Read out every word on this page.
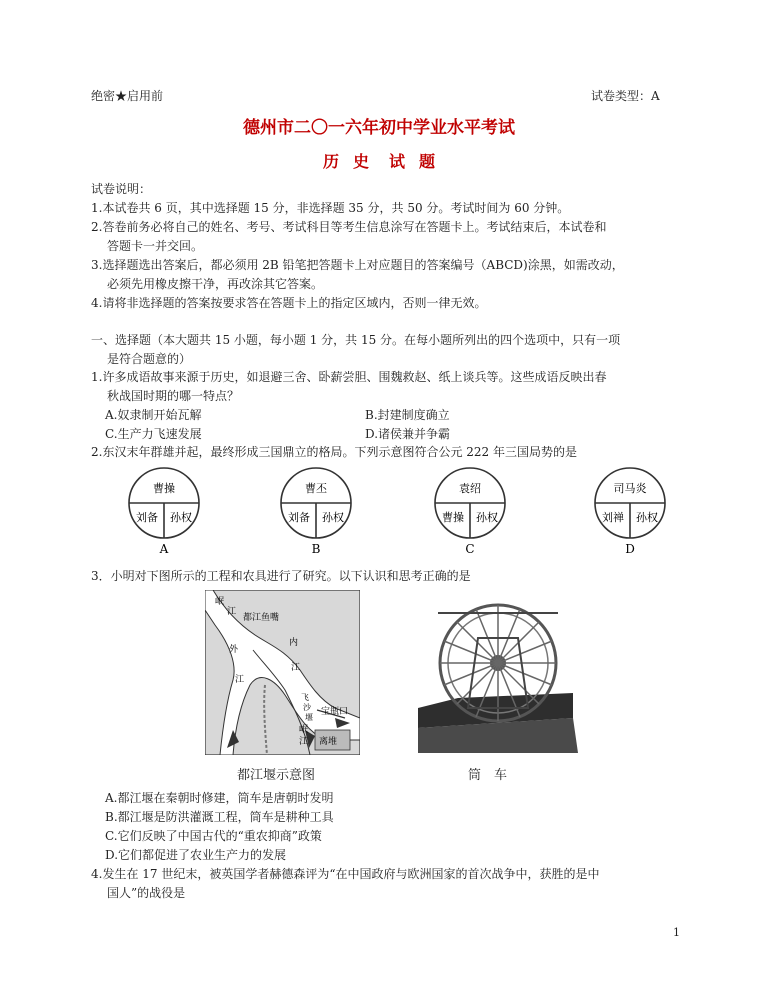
绝密★启用前	试卷类型：A
德州市二〇一六年初中学业水平考试
历 史 试 题
试卷说明：
1.本试卷共 6 页，其中选择题 15 分，非选择题 35 分，共 50 分。考试时间为 60 分钟。
2.答卷前务必将自己的姓名、考号、考试科目等考生信息涂写在答题卡上。考试结束后，本试卷和
答题卡一并交回。
3.选择题选出答案后，都必须用 2B 铅笔把答题卡上对应题目的答案编号（ABCD)涂黑，如需改动，
必须先用橡皮擦干净，再改涂其它答案。
4.请将非选择题的答案按要求答在答题卡上的指定区域内，否则一律无效。
一、选择题（本大题共 15 小题，每小题 1 分，共 15 分。在每小题所列出的四个选项中，只有一项
是符合题意的）
1.许多成语故事来源于历史，如退避三舍、卧薪尝胆、围魏救赵、纸上谈兵等。这些成语反映出春
秋战国时期的哪一特点？
A.奴隶制开始瓦解	B.封建制度确立
C.生产力飞速发展	D.诸侯兼并争霸
2.东汉末年群雄并起，最终形成三国鼎立的格局。下列示意图符合公元 222 年三国局势的是
曹操
刘备 孙权
A
曹丕
刘备 孙权
B
袁绍
曹操 孙权
C
司马炎
刘禅 孙权
D
3．小明对下图所示的工程和农具进行了研究。以下认识和思考正确的是
岷
江
都江鱼嘴
内
外
江
江
飞
沙
堰
宝瓶口
岷
江 离堆
都江堰示意图	筒　车
A.都江堰在秦朝时修建，筒车是唐朝时发明
B.都江堰是防洪灌溉工程，筒车是耕种工具
C.它们反映了中国古代的“重农抑商”政策
D.它们都促进了农业生产力的发展
4.发生在 17 世纪末，被英国学者赫德森评为“在中国政府与欧洲国家的首次战争中，获胜的是中
国人”的战役是
1
